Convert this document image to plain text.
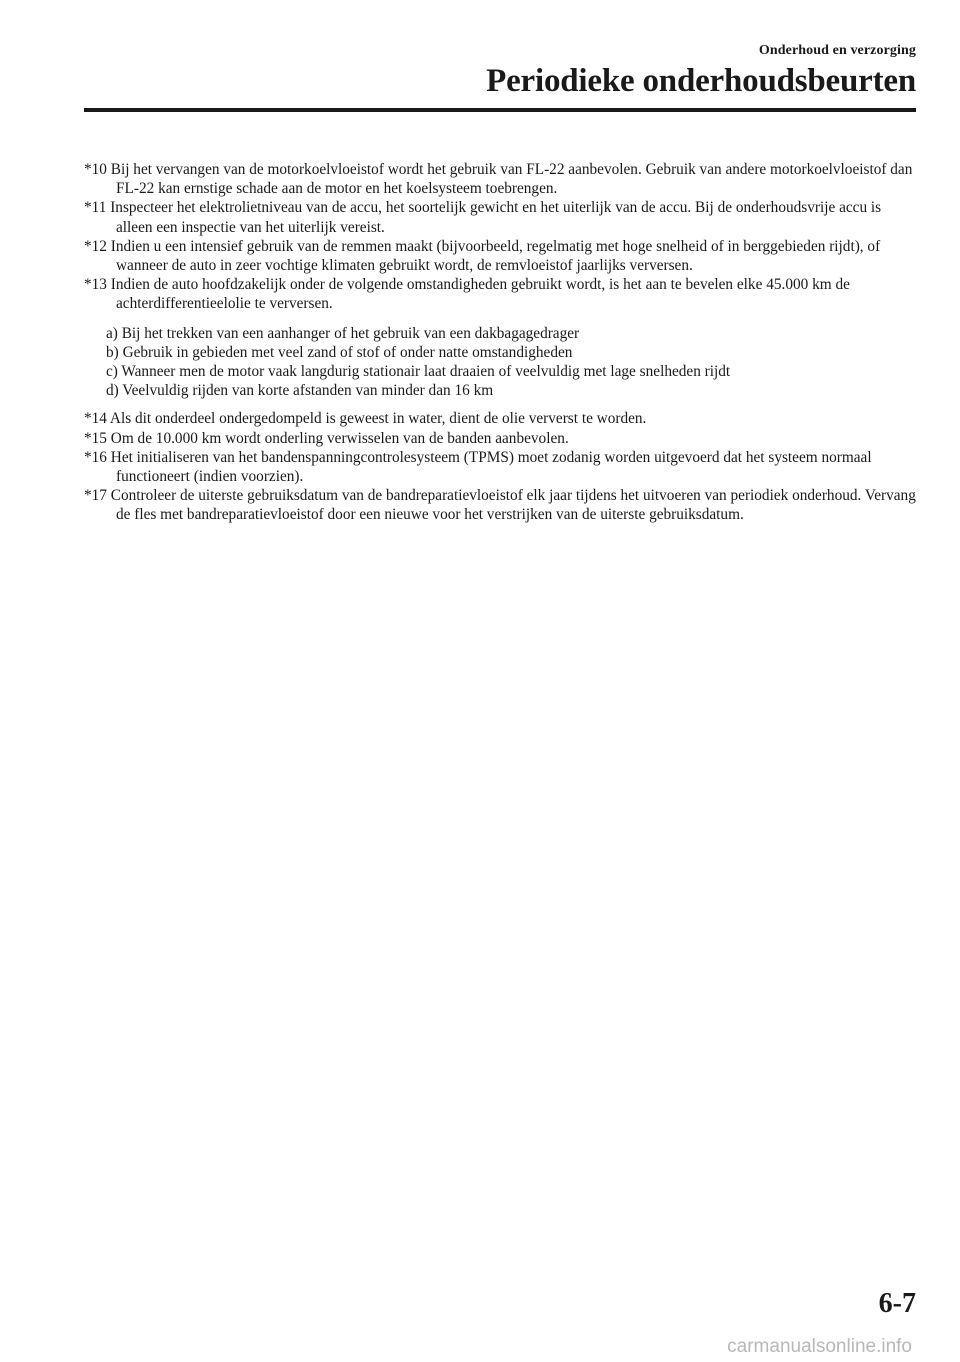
Onderhoud en verzorging
Periodieke onderhoudsbeurten
*10 Bij het vervangen van de motorkoelvloeistof wordt het gebruik van FL-22 aanbevolen. Gebruik van andere motorkoelvloeistof dan FL-22 kan ernstige schade aan de motor en het koelsysteem toebrengen.
*11 Inspecteer het elektrolietniveau van de accu, het soortelijk gewicht en het uiterlijk van de accu. Bij de onderhoudsvrije accu is alleen een inspectie van het uiterlijk vereist.
*12 Indien u een intensief gebruik van de remmen maakt (bijvoorbeeld, regelmatig met hoge snelheid of in berggebieden rijdt), of wanneer de auto in zeer vochtige klimaten gebruikt wordt, de remvloeistof jaarlijks verversen.
*13 Indien de auto hoofdzakelijk onder de volgende omstandigheden gebruikt wordt, is het aan te bevelen elke 45.000 km de achterdifferentieelolie te verversen.
a) Bij het trekken van een aanhanger of het gebruik van een dakbagagedrager
b) Gebruik in gebieden met veel zand of stof of onder natte omstandigheden
c) Wanneer men de motor vaak langdurig stationair laat draaien of veelvuldig met lage snelheden rijdt
d) Veelvuldig rijden van korte afstanden van minder dan 16 km
*14 Als dit onderdeel ondergedompeld is geweest in water, dient de olie ververst te worden.
*15 Om de 10.000 km wordt onderling verwisselen van de banden aanbevolen.
*16 Het initialiseren van het bandenspanningcontrolesysteem (TPMS) moet zodanig worden uitgevoerd dat het systeem normaal functioneert (indien voorzien).
*17 Controleer de uiterste gebruiksdatum van de bandreparatievloeistof elk jaar tijdens het uitvoeren van periodiek onderhoud. Vervang de fles met bandreparatievloeistof door een nieuwe voor het verstrijken van de uiterste gebruiksdatum.
6-7
carmanualsonline.info
